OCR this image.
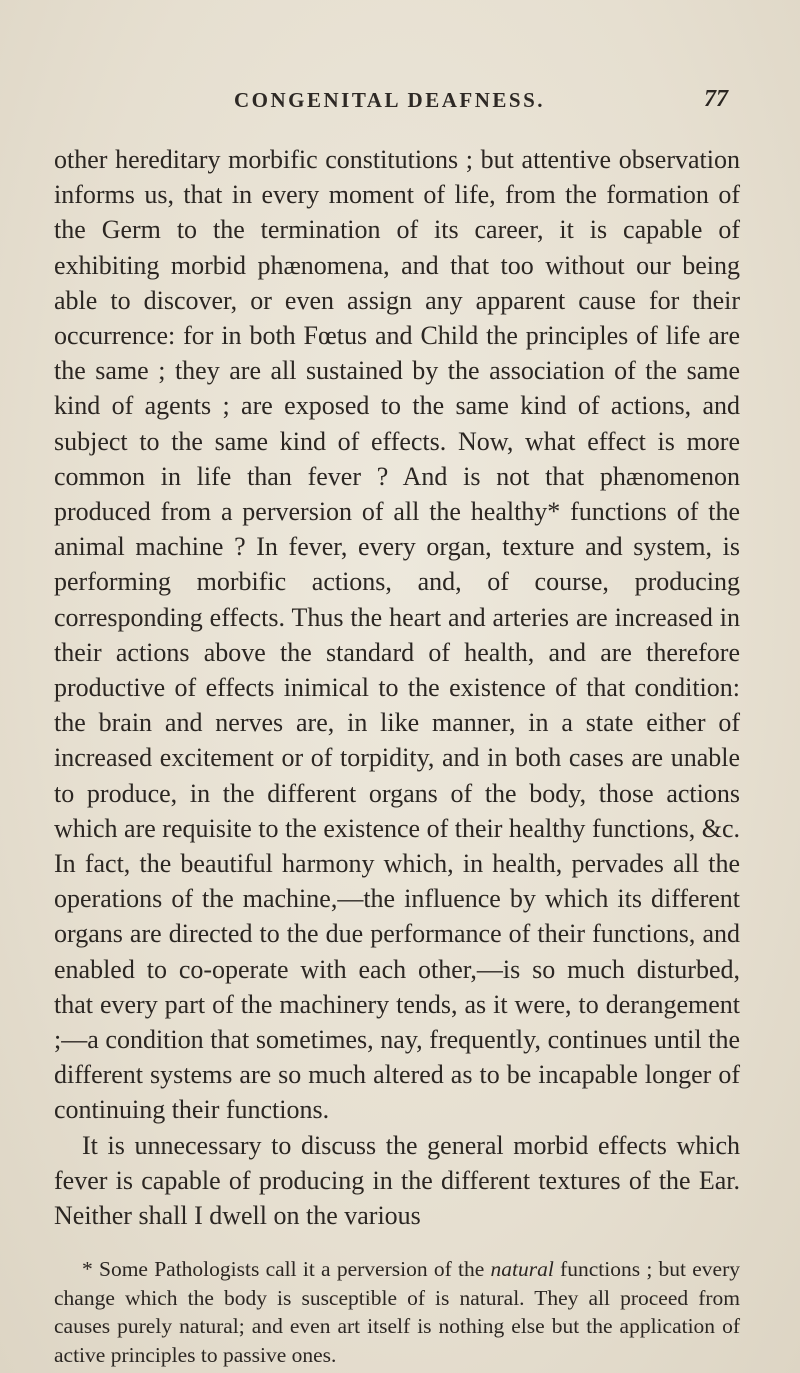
CONGENITAL DEAFNESS.	77

other hereditary morbific constitutions ; but attentive observation informs us, that in every moment of life, from the formation of the Germ to the termination of its career, it is capable of exhibiting morbid phænomena, and that too without our being able to discover, or even assign any apparent cause for their occurrence: for in both Fœtus and Child the principles of life are the same ; they are all sustained by the association of the same kind of agents ; are exposed to the same kind of actions, and subject to the same kind of effects. Now, what effect is more common in life than fever ? And is not that phænomenon produced from a perversion of all the healthy* functions of the animal machine ? In fever, every organ, texture and system, is performing morbific actions, and, of course, producing corresponding effects. Thus the heart and arteries are increased in their actions above the standard of health, and are therefore productive of effects inimical to the existence of that condition: the brain and nerves are, in like manner, in a state either of increased excitement or of torpidity, and in both cases are unable to produce, in the different organs of the body, those actions which are requisite to the existence of their healthy functions, &c. In fact, the beautiful harmony which, in health, pervades all the operations of the machine,—the influence by which its different organs are directed to the due performance of their functions, and enabled to co-operate with each other,—is so much disturbed, that every part of the machinery tends, as it were, to derangement ;—a condition that sometimes, nay, frequently, continues until the different systems are so much altered as to be incapable longer of continuing their functions.

It is unnecessary to discuss the general morbid effects which fever is capable of producing in the different textures of the Ear. Neither shall I dwell on the various

* Some Pathologists call it a perversion of the natural functions ; but every change which the body is susceptible of is natural. They all proceed from causes purely natural; and even art itself is nothing else but the application of active principles to passive ones.
